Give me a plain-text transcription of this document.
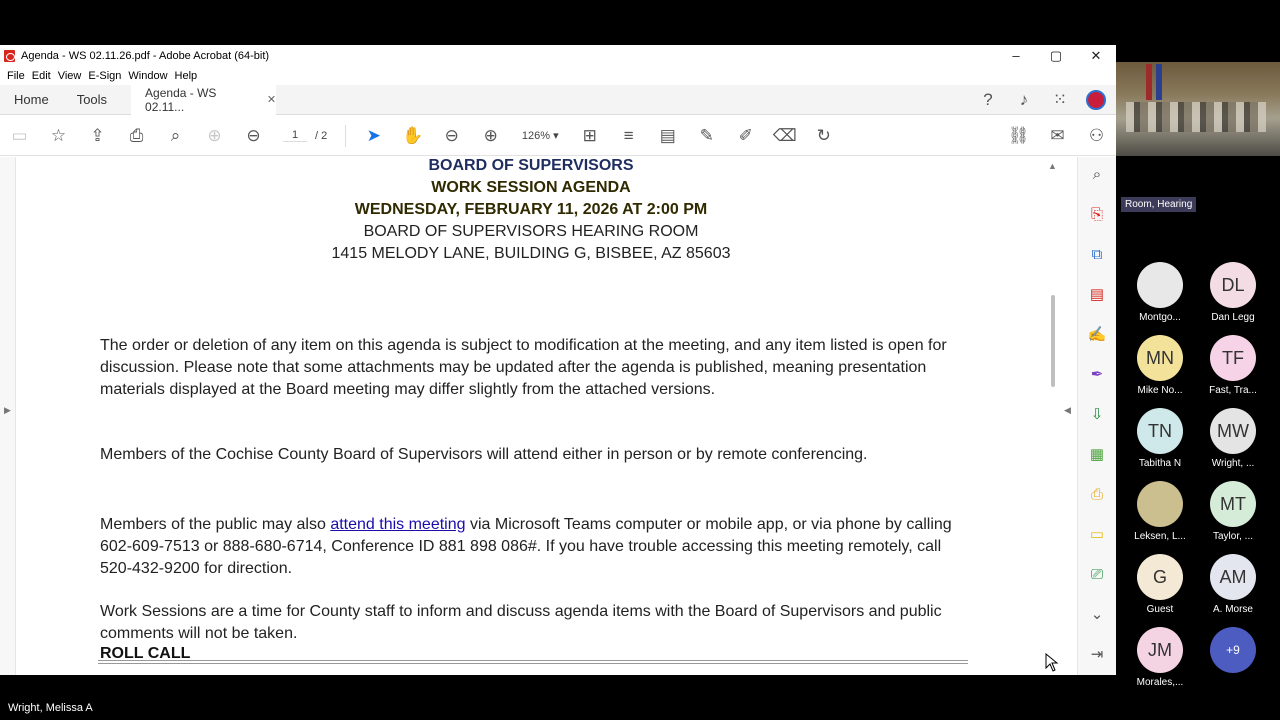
Agenda - WS 02.11.26.pdf - Adobe Acrobat (64-bit)	–	▢	✕
File Edit View E-Sign Window Help
Home	Tools	Agenda - WS 02.11...	✕	?	♪	⁙
▭	☆	⇪	⎙	⌕	⊕	⊖	1	/ 2	➤	✋	⊖	⊕	126% ▾	⊞	≡	▤	✎	✐	⌫	↻	⛓	✉	⚇
▶
BOARD OF SUPERVISORS
WORK SESSION AGENDA
WEDNESDAY, FEBRUARY 11, 2026 AT 2:00 PM
BOARD OF SUPERVISORS HEARING ROOM
1415 MELODY LANE, BUILDING G, BISBEE, AZ 85603
The order or deletion of any item on this agenda is subject to modification at the meeting, and any item listed is open for discussion. Please note that some attachments may be updated after the agenda is published, meaning presentation materials displayed at the Board meeting may differ slightly from the attached versions.
Members of the Cochise County Board of Supervisors will attend either in person or by remote conferencing.
Members of the public may also attend this meeting via Microsoft Teams computer or mobile app, or via phone by calling 602-609-7513 or 888-680-6714, Conference ID 881 898 086#. If you have trouble accessing this meeting remotely, call 520-432-9200 for direction.
Work Sessions are a time for County staff to inform and discuss agenda items with the Board of Supervisors and public comments will not be taken.
ROLL CALL
▲
◀
⌕
⎘
⧉
▤
✍
✒
⇩
▦
⎙
▭
⎚
⌄
⇥
Room, Hearing
Montgo...
DL
Dan Legg
MN
Mike No...
TF
Fast, Tra...
TN
Tabitha N
MW
Wright, ...
Leksen, L...
MT
Taylor, ...
G
Guest
AM
A. Morse
JM
Morales,...
+9
Wright, Melissa A
